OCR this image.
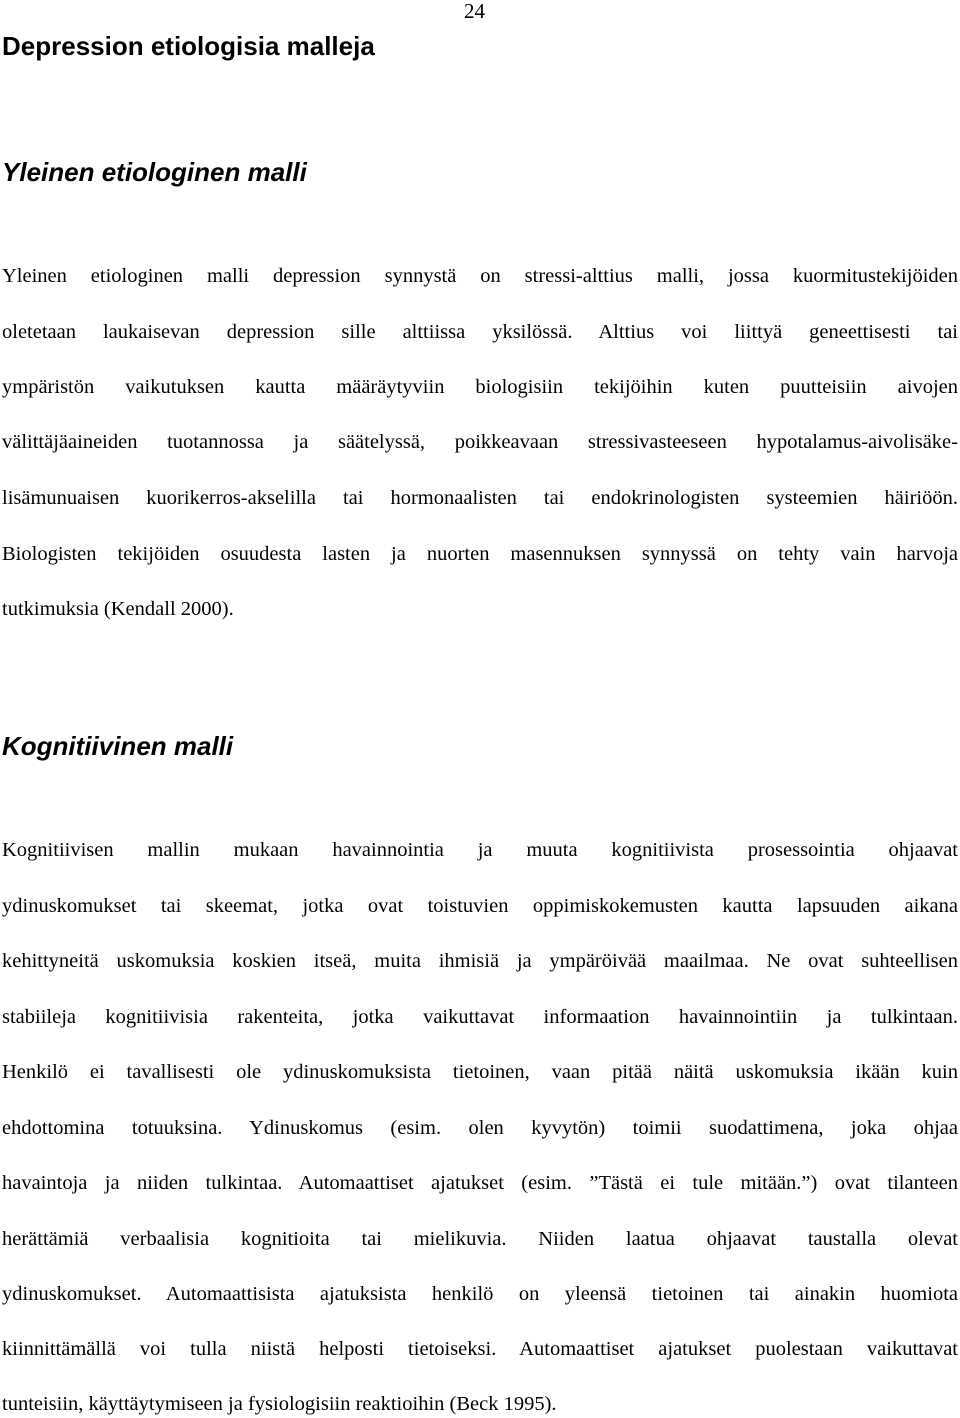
24
Depression etiologisia malleja
Yleinen etiologinen malli
Yleinen etiologinen malli depression synnystä on stressi-alttius malli, jossa kuormitustekijöiden
oletetaan laukaisevan depression sille alttiissa yksilössä. Alttius voi liittyä geneettisesti tai
ympäristön vaikutuksen kautta määräytyviin biologisiin tekijöihin kuten puutteisiin aivojen
välittäjäaineiden tuotannossa ja säätelyssä, poikkeavaan stressivasteeseen hypotalamus-aivolisäke-
lisämunuaisen kuorikerros-akselilla tai hormonaalisten tai endokrinologisten systeemien häiriöön.
Biologisten tekijöiden osuudesta lasten ja nuorten masennuksen synnyssä on tehty vain harvoja
tutkimuksia (Kendall 2000).
Kognitiivinen malli
Kognitiivisen mallin mukaan havainnointia ja muuta kognitiivista prosessointia ohjaavat
ydinuskomukset tai skeemat, jotka ovat toistuvien oppimiskokemusten kautta lapsuuden aikana
kehittyneitä uskomuksia koskien itseä, muita ihmisiä ja ympäröivää maailmaa. Ne ovat suhteellisen
stabiileja kognitiivisia rakenteita, jotka vaikuttavat informaation havainnointiin ja tulkintaan.
Henkilö ei tavallisesti ole ydinuskomuksista tietoinen, vaan pitää näitä uskomuksia ikään kuin
ehdottomina totuuksina. Ydinuskomus (esim. olen kyvytön) toimii suodattimena, joka ohjaa
havaintoja ja niiden tulkintaa. Automaattiset ajatukset (esim. ”Tästä ei tule mitään.”) ovat tilanteen
herättämiä verbaalisia kognitioita tai mielikuvia. Niiden laatua ohjaavat taustalla olevat
ydinuskomukset. Automaattisista ajatuksista henkilö on yleensä tietoinen tai ainakin huomiota
kiinnittämällä voi tulla niistä helposti tietoiseksi. Automaattiset ajatukset puolestaan vaikuttavat
tunteisiin, käyttäytymiseen ja fysiologisiin reaktioihin (Beck 1995).
